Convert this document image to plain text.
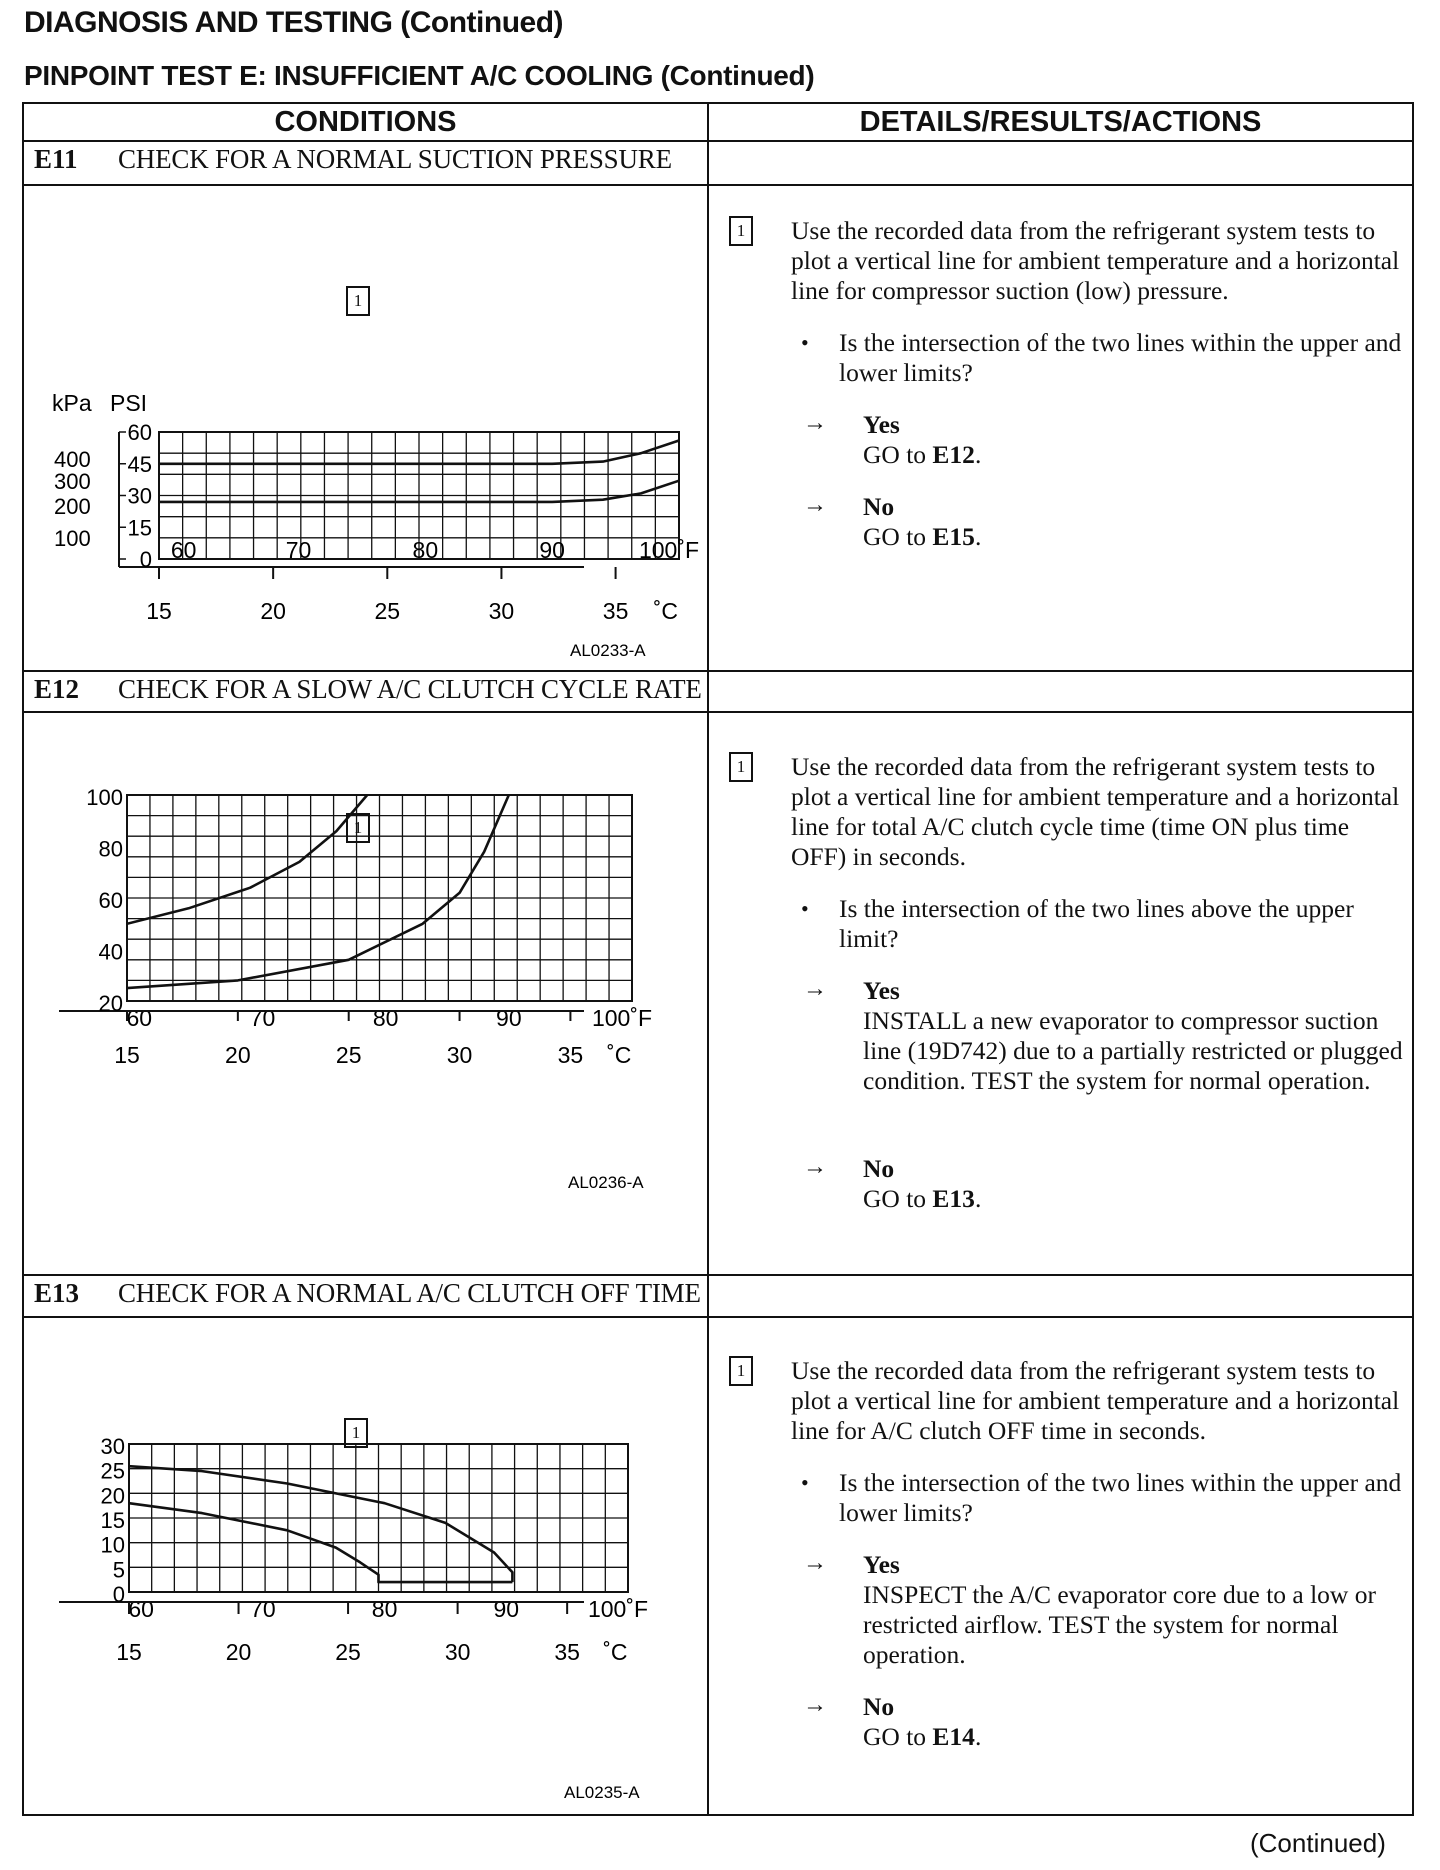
DIAGNOSIS AND TESTING (Continued)
PINPOINT TEST E: INSUFFICIENT A/C COOLING (Continued)
CONDITIONS	DETAILS/RESULTS/ACTIONS
E11 CHECK FOR A NORMAL SUCTION PRESSURE
1
kPa PSI
60	70	80	90	100˚F
15	20	25	30	35 ˚C
400
300
200
100
60
45
30
15
0
AL0233-A
1	Use the recorded data from the refrigerant system tests to plot a vertical line for ambient temperature and a horizontal line for compressor suction (low) pressure.
• Is the intersection of the two lines within the upper and lower limits?
→ Yes
GO to E12.
→ No
GO to E15.
E12 CHECK FOR A SLOW A/C CLUTCH CYCLE RATE
1
60	70	80	90	100˚F
15	20	25	30	35 ˚C
100
80
60
40
20
AL0236-A
1	Use the recorded data from the refrigerant system tests to plot a vertical line for ambient temperature and a horizontal line for total A/C clutch cycle time (time ON plus time OFF) in seconds.
• Is the intersection of the two lines above the upper limit?
→ Yes
INSTALL a new evaporator to compressor suction line (19D742) due to a partially restricted or plugged condition. TEST the system for normal operation.
→ No
GO to E13.
E13 CHECK FOR A NORMAL A/C CLUTCH OFF TIME
1
60	70	80	90	100˚F
15	20	25	30	35 ˚C
30
25
20
15
10
5
0
AL0235-A
1	Use the recorded data from the refrigerant system tests to plot a vertical line for ambient temperature and a horizontal line for A/C clutch OFF time in seconds.
• Is the intersection of the two lines within the upper and lower limits?
→ Yes
INSPECT the A/C evaporator core due to a low or restricted airflow. TEST the system for normal operation.
→ No
GO to E14.
(Continued)
